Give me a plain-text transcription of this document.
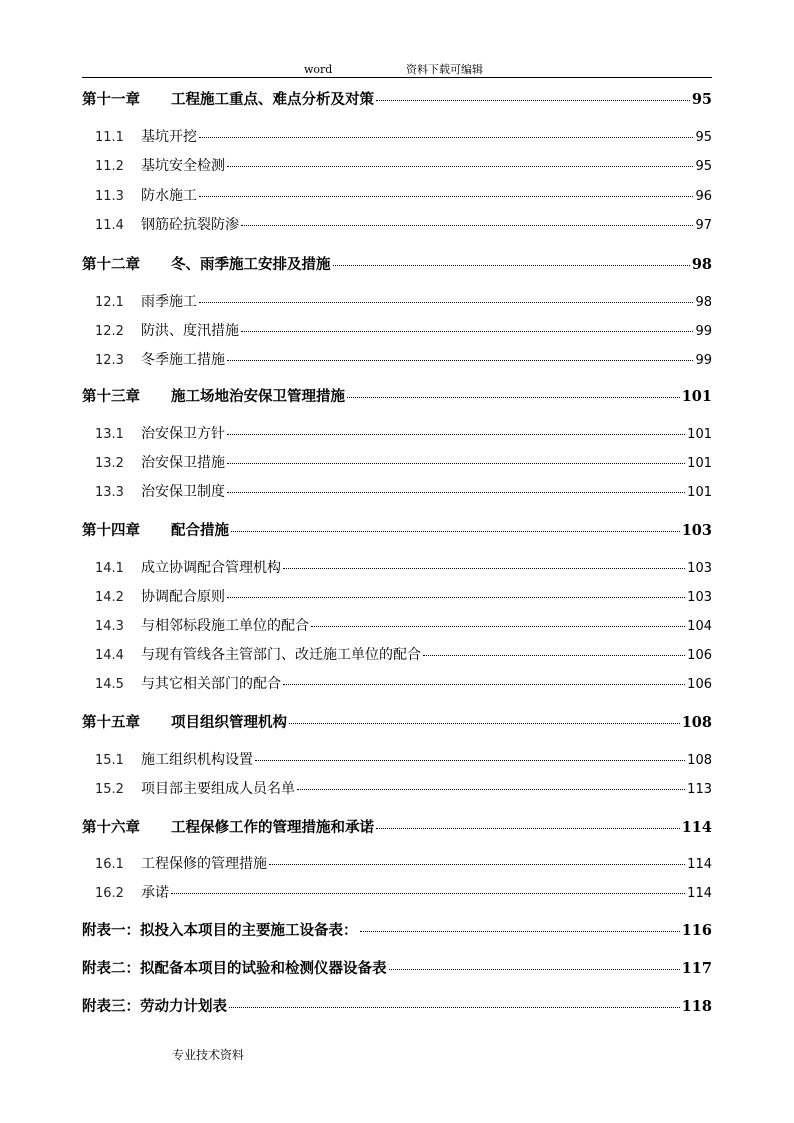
word	资料下载可编辑
第十一章	工程施工重点、难点分析及对策	95
11.1	基坑开挖	95
11.2	基坑安全检测	95
11.3	防水施工	96
11.4	钢筋砼抗裂防渗	97
第十二章	冬、雨季施工安排及措施	98
12.1	雨季施工	98
12.2	防洪、度汛措施	99
12.3	冬季施工措施	99
第十三章	施工场地治安保卫管理措施	101
13.1	治安保卫方针	101
13.2	治安保卫措施	101
13.3	治安保卫制度	101
第十四章	配合措施	103
14.1	成立协调配合管理机构	103
14.2	协调配合原则	103
14.3	与相邻标段施工单位的配合	104
14.4	与现有管线各主管部门、改迁施工单位的配合	106
14.5	与其它相关部门的配合	106
第十五章	项目组织管理机构	108
15.1	施工组织机构设置	108
15.2	项目部主要组成人员名单	113
第十六章	工程保修工作的管理措施和承诺	114
16.1	工程保修的管理措施	114
16.2	承诺	114
附表一：拟投入本项目的主要施工设备表：	116
附表二：拟配备本项目的试验和检测仪器设备表	117
附表三：劳动力计划表	118
专业技术资料
